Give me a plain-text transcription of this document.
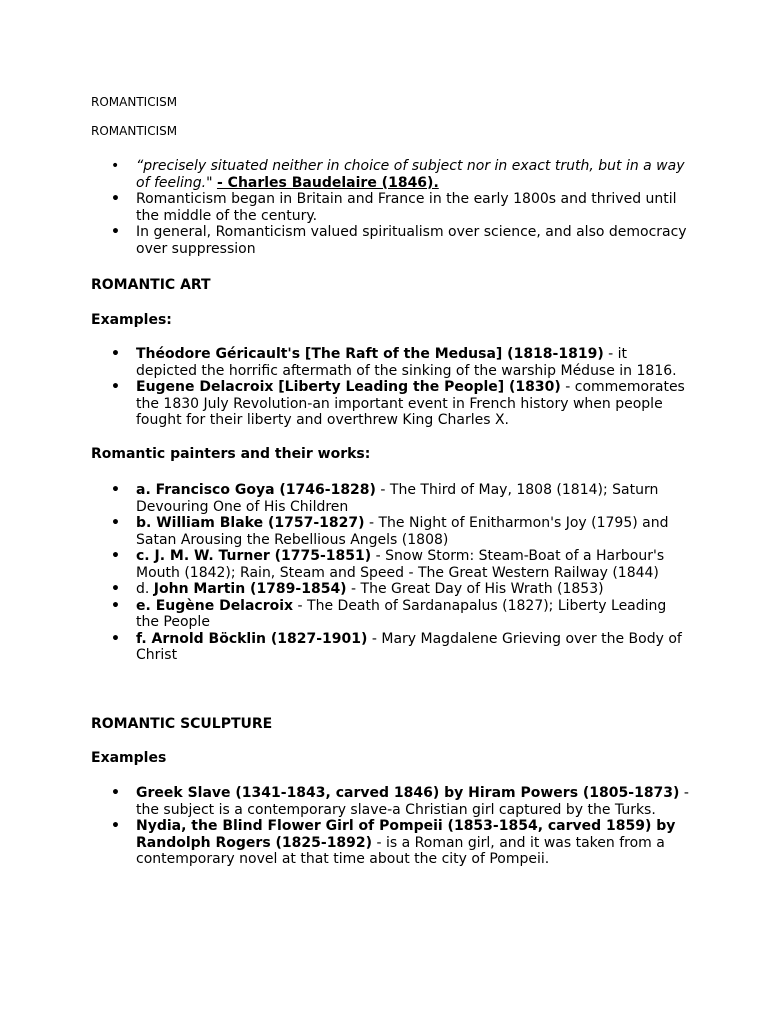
ROMANTICISM
ROMANTICISM
• “precisely situated neither in choice of subject nor in exact truth, but in a way of feeling." - Charles Baudelaire (1846).
• Romanticism began in Britain and France in the early 1800s and thrived until the middle of the century.
• In general, Romanticism valued spiritualism over science, and also democracy over suppression
ROMANTIC ART
Examples:
• Théodore Géricault's [The Raft of the Medusa] (1818-1819) - it depicted the horrific aftermath of the sinking of the warship Méduse in 1816.
• Eugene Delacroix [Liberty Leading the People] (1830) - commemorates the 1830 July Revolution-an important event in French history when people fought for their liberty and overthrew King Charles X.
Romantic painters and their works:
• a. Francisco Goya (1746-1828) - The Third of May, 1808 (1814); Saturn Devouring One of His Children
• b. William Blake (1757-1827) - The Night of Enitharmon's Joy (1795) and Satan Arousing the Rebellious Angels (1808)
• c. J. M. W. Turner (1775-1851) - Snow Storm: Steam-Boat of a Harbour's Mouth (1842); Rain, Steam and Speed - The Great Western Railway (1844)
• d. John Martin (1789-1854) - The Great Day of His Wrath (1853)
• e. Eugène Delacroix - The Death of Sardanapalus (1827); Liberty Leading the People
• f. Arnold Böcklin (1827-1901) - Mary Magdalene Grieving over the Body of Christ
ROMANTIC SCULPTURE
Examples
• Greek Slave (1341-1843, carved 1846) by Hiram Powers (1805-1873) - the subject is a contemporary slave-a Christian girl captured by the Turks.
• Nydia, the Blind Flower Girl of Pompeii (1853-1854, carved 1859) by Randolph Rogers (1825-1892) - is a Roman girl, and it was taken from a contemporary novel at that time about the city of Pompeii.
